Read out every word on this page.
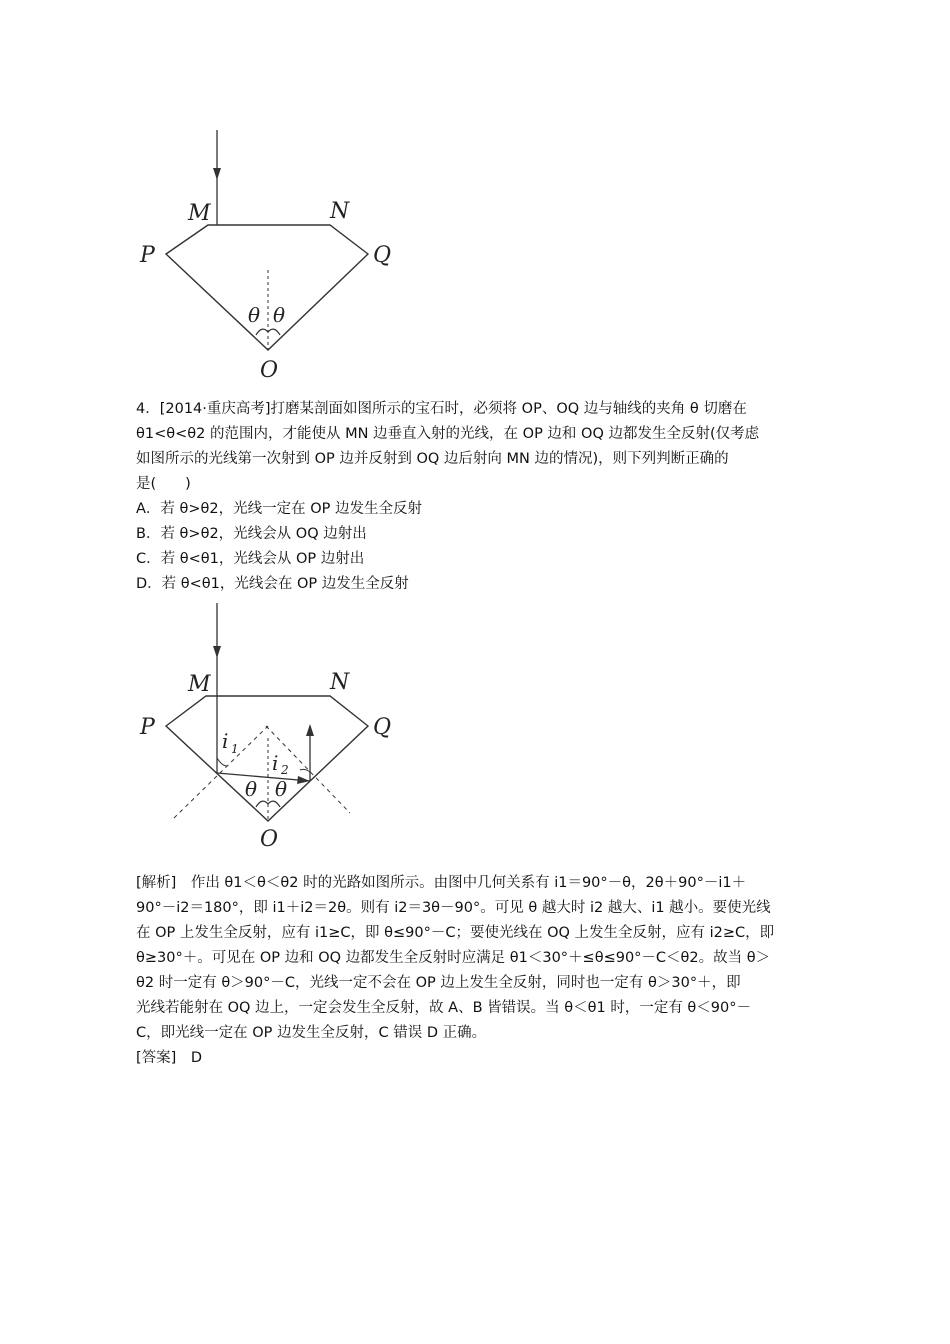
M	N
P	Q
O
θ θ
4．[2014·重庆高考]打磨某剖面如图所示的宝石时，必须将 OP、OQ 边与轴线的夹角 θ 切磨在
θ1<θ<θ2 的范围内，才能使从 MN 边垂直入射的光线，在 OP 边和 OQ 边都发生全反射(仅考虑
如图所示的光线第一次射到 OP 边并反射到 OQ 边后射向 MN 边的情况)，则下列判断正确的
是(　　)
A．若 θ>θ2，光线一定在 OP 边发生全反射
B．若 θ>θ2，光线会从 OQ 边射出
C．若 θ<θ1，光线会从 OP 边射出
D．若 θ<θ1，光线会在 OP 边发生全反射
M	N
P	Q
O
i 1
i 2
θ θ
[解析]　作出 θ1＜θ＜θ2 时的光路如图所示。由图中几何关系有 i1＝90°－θ，2θ＋90°－i1＋
90°－i2＝180°，即 i1＋i2＝2θ。则有 i2＝3θ－90°。可见 θ 越大时 i2 越大、i1 越小。要使光线
在 OP 上发生全反射，应有 i1≥C，即 θ≤90°－C；要使光线在 OQ 上发生全反射，应有 i2≥C，即
θ≥30°＋。可见在 OP 边和 OQ 边都发生全反射时应满足 θ1＜30°＋≤θ≤90°－C＜θ2。故当 θ＞
θ2 时一定有 θ＞90°－C，光线一定不会在 OP 边上发生全反射，同时也一定有 θ＞30°＋，即
光线若能射在 OQ 边上，一定会发生全反射，故 A、B 皆错误。当 θ＜θ1 时，一定有 θ＜90°－
C，即光线一定在 OP 边发生全反射，C 错误 D 正确。
[答案]　D
